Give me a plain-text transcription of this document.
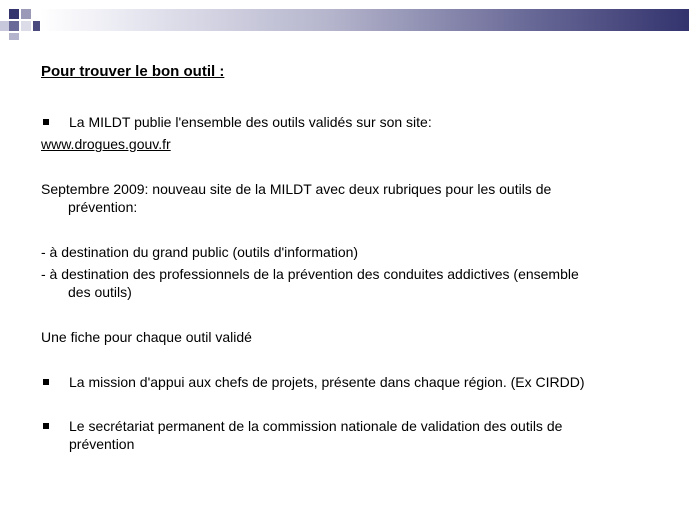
Pour trouver le bon outil :
La MILDT publie l'ensemble des outils validés sur son site:
www.drogues.gouv.fr
Septembre 2009: nouveau site de la MILDT avec deux rubriques pour les outils de
prévention:
- à destination du grand public (outils d'information)
- à destination des professionnels de la prévention des conduites addictives (ensemble
des outils)
Une fiche pour chaque outil validé
La mission d'appui aux chefs de projets, présente dans chaque région. (Ex CIRDD)
Le secrétariat permanent de la commission nationale de validation des outils de
prévention
